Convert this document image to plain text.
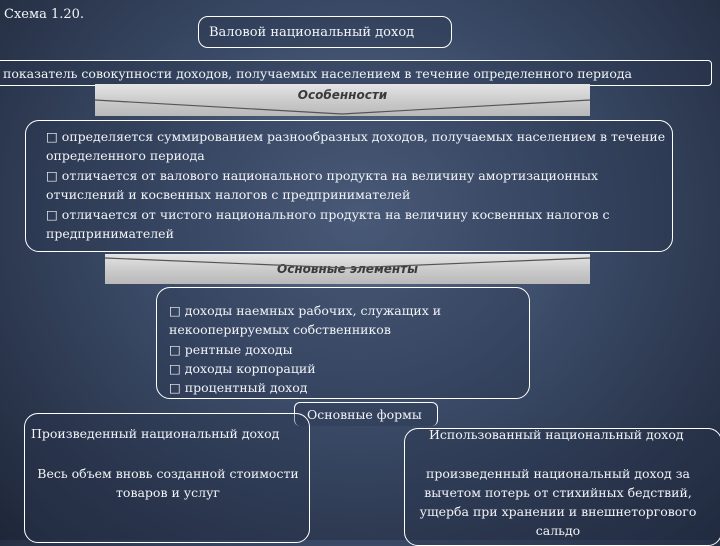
Схема 1.20.
Валовой национальный доход
показатель совокупности доходов, получаемых населением в течение определенного периода
Особенности
□ определяется суммированием разнообразных доходов, получаемых населением в течение определенного периода
□ отличается от валового национального продукта на величину амортизационных отчислений и косвенных налогов с предпринимателей
□ отличается от чистого национального продукта на величину косвенных налогов с предпринимателей
Основные элементы
□ доходы наемных рабочих, служащих и некооперируемых собственников
□ рентные доходы
□ доходы корпораций
□ процентный доход
Основные формы
Произведенный национальный доход
Весь объем вновь созданной стоимости товаров и услуг
Использованный национальный доход
произведенный национальный доход за вычетом потерь от стихийных бедствий, ущерба при хранении и внешнеторгового сальдо
